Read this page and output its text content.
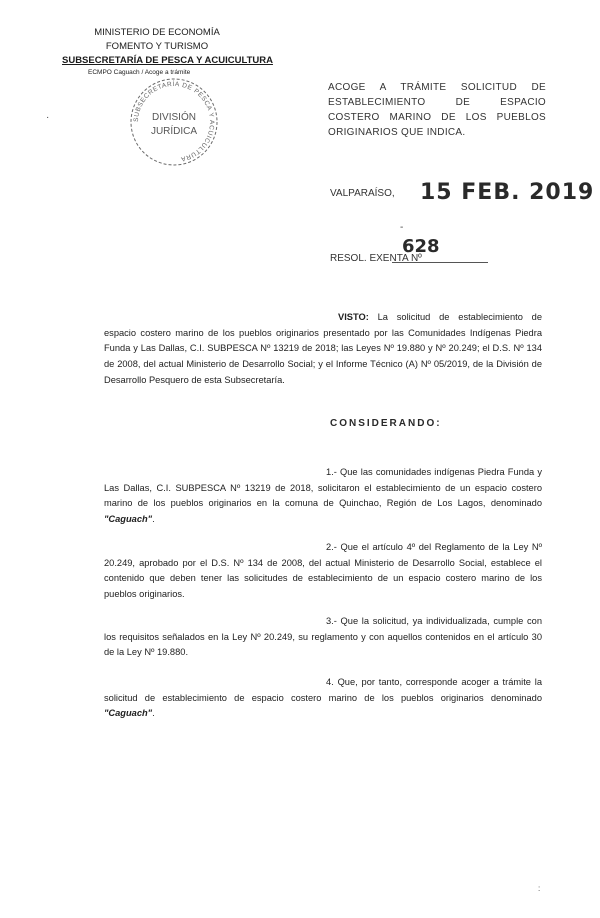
MINISTERIO DE ECONOMÍA
FOMENTO Y TURISMO
SUBSECRETARÍA DE PESCA Y ACUICULTURA
ECMPO Caguach / Acoge a trámite
·	SUBSECRETARÍA DE PESCA Y ACUICULTURA
DIVISIÓN
JURÍDICA
ACOGE A TRÁMITE SOLICITUD DE ESTABLECIMIENTO DE ESPACIO COSTERO MARINO DE LOS PUEBLOS ORIGINARIOS QUE INDICA.
VALPARAÍSO, 15 FEB. 2019
-
RESOL. EXENTA Nº
628
VISTO: La solicitud de establecimiento de espacio costero marino de los pueblos originarios presentado por las Comunidades Indígenas Piedra Funda y Las Dallas, C.I. SUBPESCA Nº 13219 de 2018; las Leyes Nº 19.880 y Nº 20.249; el D.S. Nº 134 de 2008, del actual Ministerio de Desarrollo Social; y el Informe Técnico (A) Nº 05/2019, de la División de Desarrollo Pesquero de esta Subsecretaría.
CONSIDERANDO:
1.- Que las comunidades indígenas Piedra Funda y Las Dallas, C.I. SUBPESCA Nº 13219 de 2018, solicitaron el establecimiento de un espacio costero marino de los pueblos originarios en la comuna de Quinchao, Región de Los Lagos, denominado "Caguach".
2.- Que el artículo 4º del Reglamento de la Ley Nº 20.249, aprobado por el D.S. Nº 134 de 2008, del actual Ministerio de Desarrollo Social, establece el contenido que deben tener las solicitudes de establecimiento de un espacio costero marino de los pueblos originarios.
3.- Que la solicitud, ya individualizada, cumple con los requisitos señalados en la Ley Nº 20.249, su reglamento y con aquellos contenidos en el artículo 30 de la Ley Nº 19.880.
4. Que, por tanto, corresponde acoger a trámite la solicitud de establecimiento de espacio costero marino de los pueblos originarios denominado "Caguach".
:
